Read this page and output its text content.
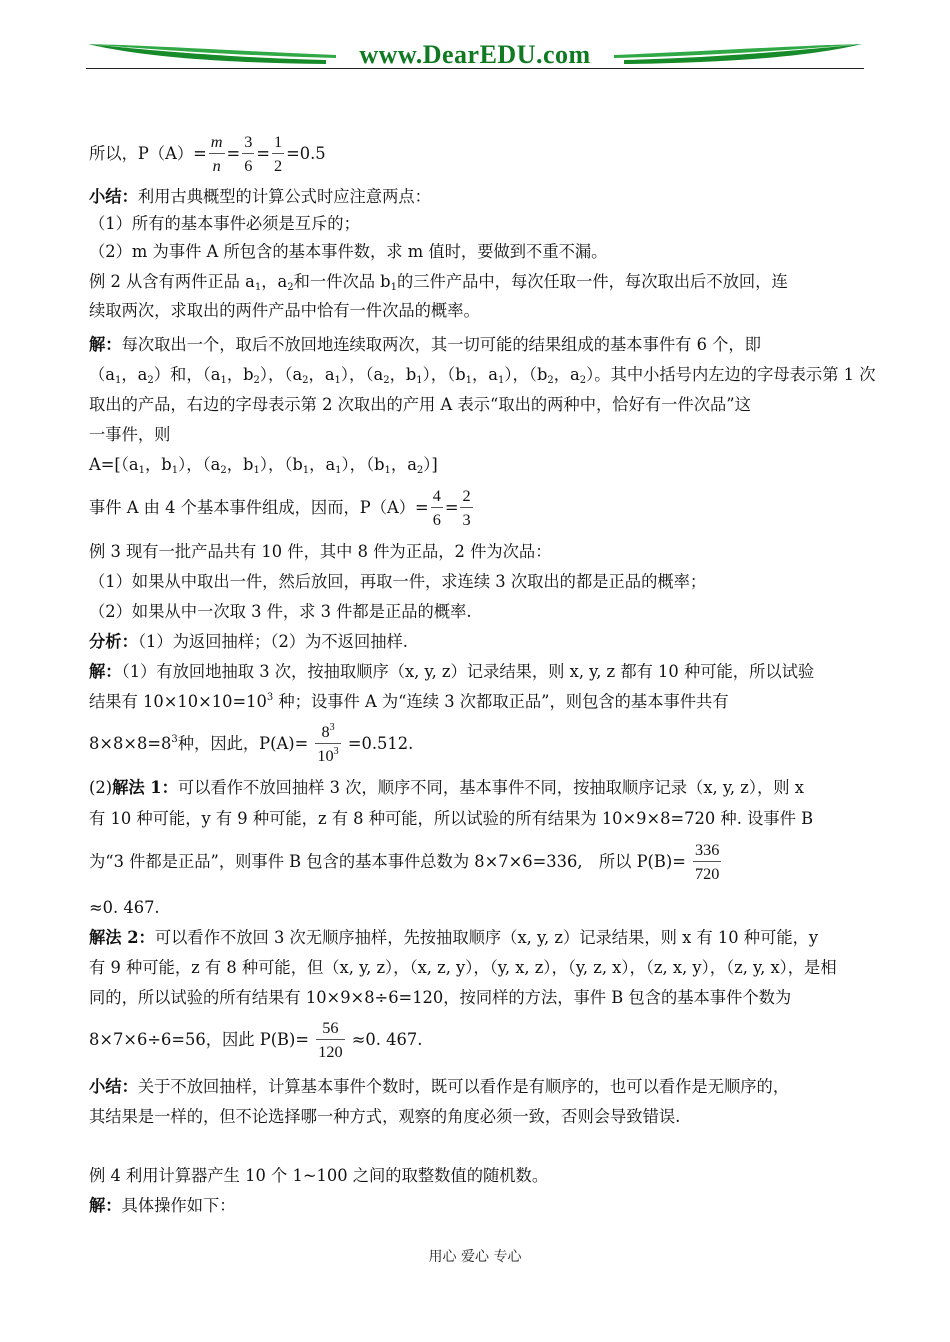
www.DearEDU.com
所以，$P(A)= \frac{m}{n} = \frac{3}{6} = \frac{1}{2} =0.5$
小结：利用古典概型的计算公式时应注意两点：
（1）所有的基本事件必须是互斥的；
（2）m 为事件 A 所包含的基本事件数，求 m 值时，要做到不重不漏。
例 2 从含有两件正品 $a_1$，$a_2$和一件次品 $b_1$的三件产品中，每次任取一件，每次取出后不放回，连
续取两次，求取出的两件产品中恰有一件次品的概率。
解：每次取出一个，取后不放回地连续取两次，其一切可能的结果组成的基本事件有 6 个，即
（$a_1$，$a_2$）和，（$a_1$，$b_2$），（$a_2$，$a_1$），（$a_2$，$b_1$），（$b_1$，$a_1$），（$b_2$，$a_2$）。其中小括号内左边的字母表示第 1 次
取出的产品，右边的字母表示第 2 次取出的产用 A 表示“取出的两种中，恰好有一件次品”这
一事件，则
$A=[(a_1$，$b_1$），（$a_2$，$b_1$），（$b_1$，$a_1$），（$b_1$，$a_2$）]
事件 A 由 4 个基本事件组成，因而，$P(A)= \frac{4}{6} = \frac{2}{3}$
例 3 现有一批产品共有 10 件，其中 8 件为正品，2 件为次品：
（1）如果从中取出一件，然后放回，再取一件，求连续 3 次取出的都是正品的概率；
（2）如果从中一次取 3 件，求 3 件都是正品的概率.
分析：（1）为返回抽样；（2）为不返回抽样.
解：（1）有放回地抽取 3 次，按抽取顺序（x, y, z）记录结果，则 x, y, z 都有 10 种可能，所以试验
结果有 $10\times 10\times 10=10^3$ 种；设事件 A 为“连续 3 次都取正品”，则包含的基本事件共有
$8\times 8\times 8=8^3$种，因此，$P(A)= \frac{8^3}{10^3} =0.512$.
(2)解法 1：可以看作不放回抽样 3 次，顺序不同，基本事件不同，按抽取顺序记录（x, y, z），则 x
有 10 种可能，y 有 9 种可能，z 有 8 种可能，所以试验的所有结果为 10×9×8=720 种. 设事件 B
为“3 件都是正品”，则事件 B 包含的基本事件总数为 8×7×6=336,　所以 $P(B)= \frac{336}{720}$
≈0. 467.
解法 2：可以看作不放回 3 次无顺序抽样，先按抽取顺序（x, y, z）记录结果，则 x 有 10 种可能，y
有 9 种可能，z 有 8 种可能，但（x, y, z），（x, z, y），（y, x, z），（y, z, x），（z, x, y），（z, y, x），是相
同的，所以试验的所有结果有 10×9×8÷6=120，按同样的方法，事件 B 包含的基本事件个数为
8×7×6÷6=56，因此 $P(B)= \frac{56}{120} \approx 0$. 467.
小结：关于不放回抽样，计算基本事件个数时，既可以看作是有顺序的，也可以看作是无顺序的，
其结果是一样的，但不论选择哪一种方式，观察的角度必须一致，否则会导致错误.
例 4 利用计算器产生 10 个 1~100 之间的取整数值的随机数。
解：具体操作如下：
用心 爱心 专心
